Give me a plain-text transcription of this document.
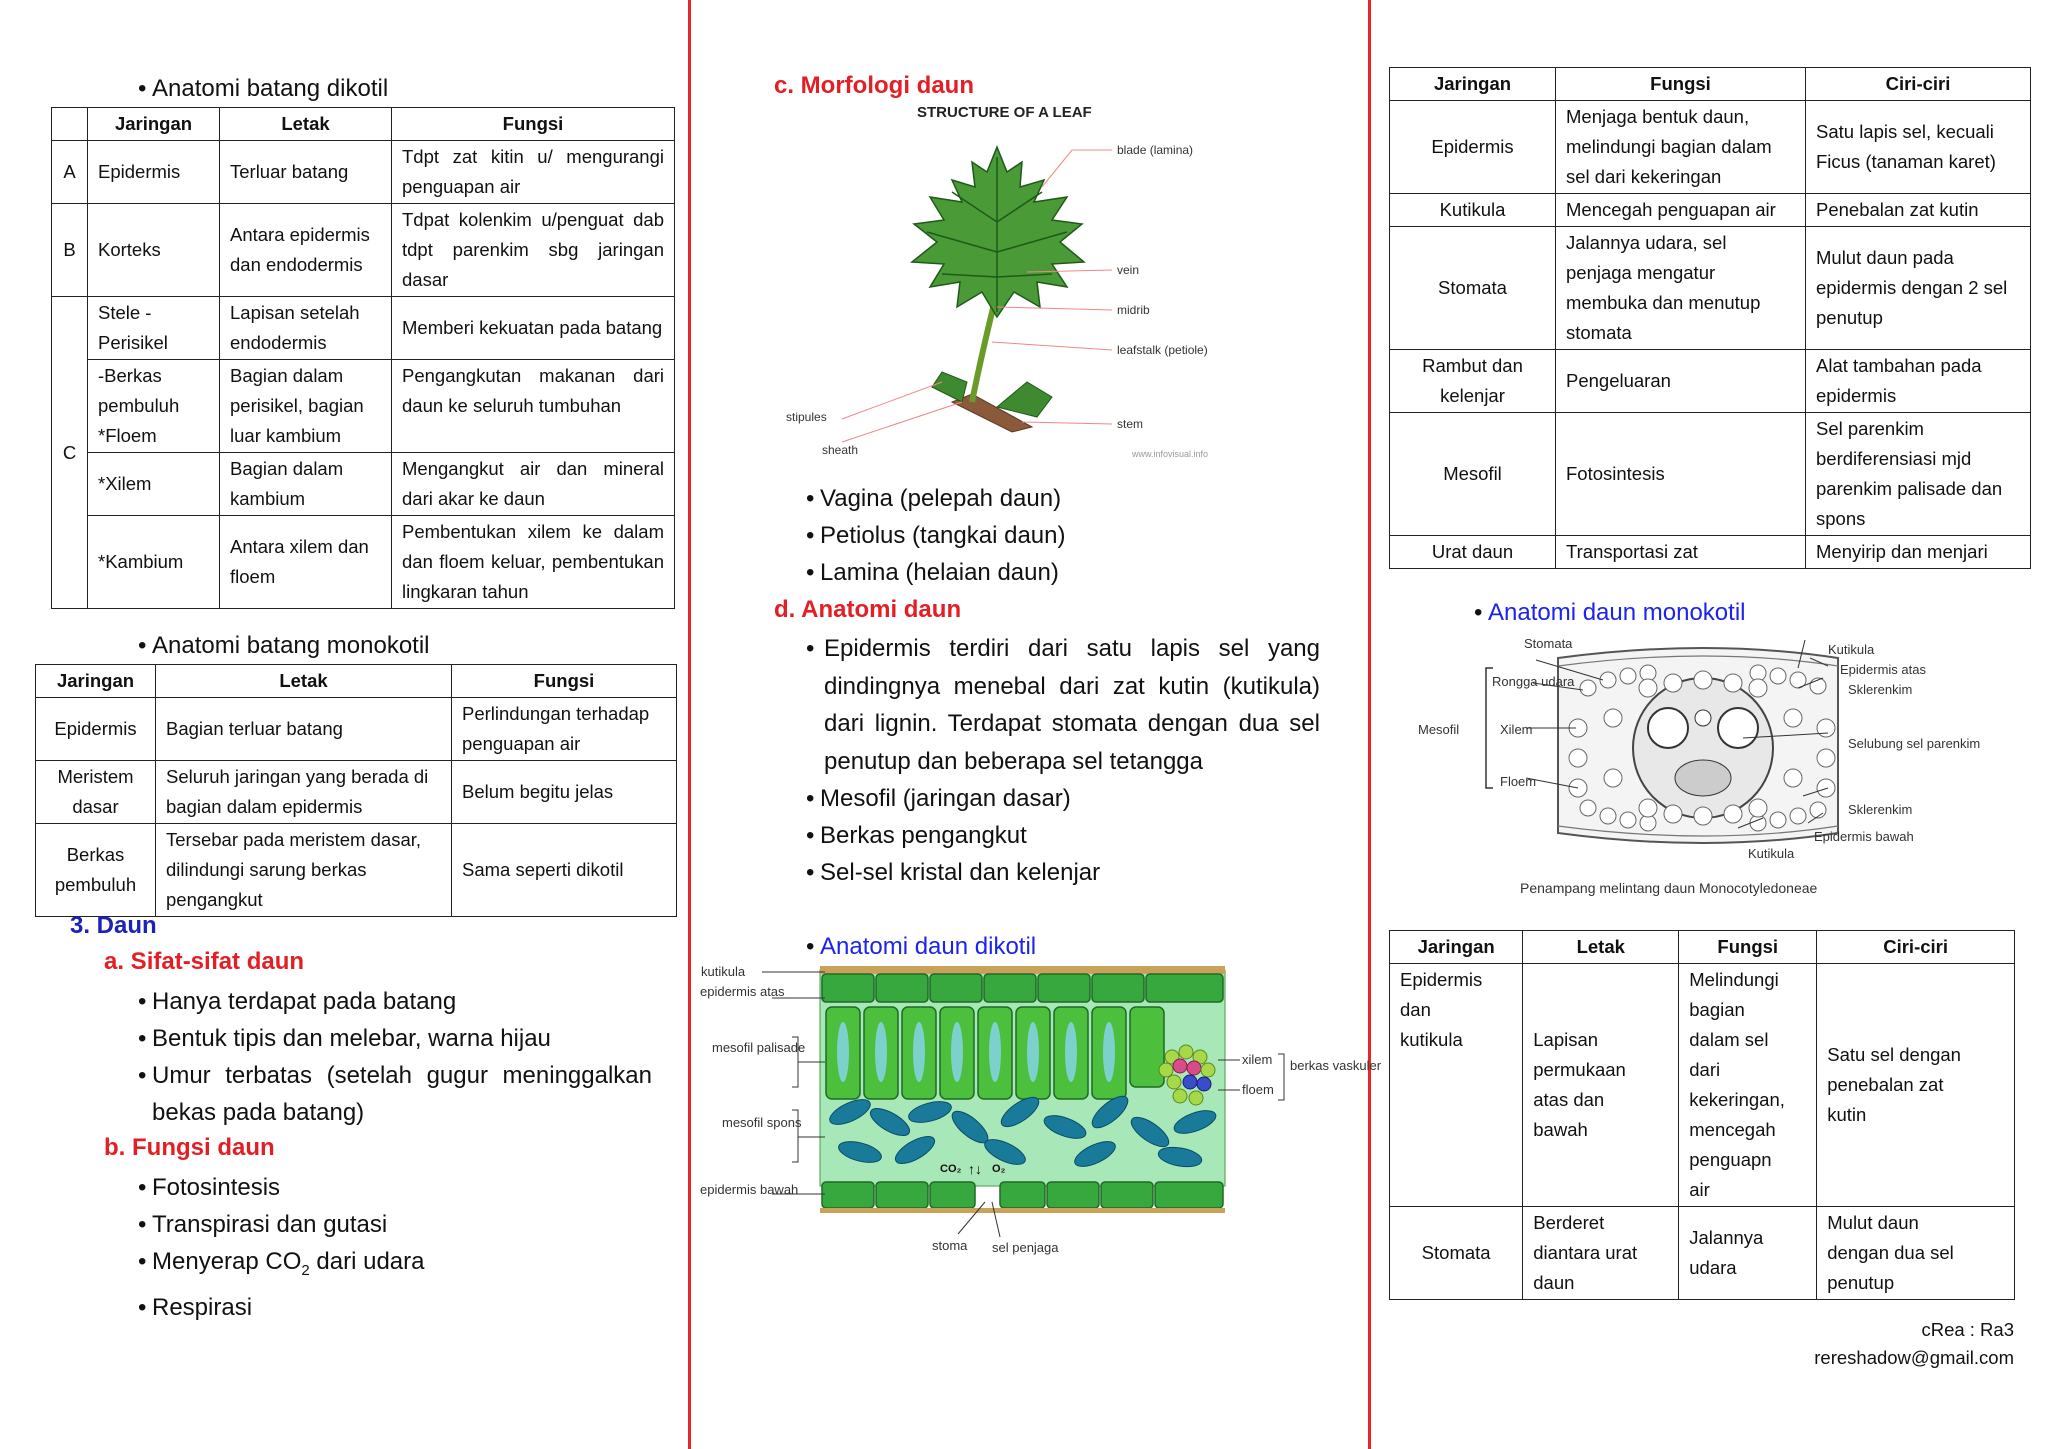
• Anatomi batang dikotil
	Jaringan	Letak	Fungsi
A	Epidermis	Terluar batang	Tdpt zat kitin u/ mengurangi penguapan air
B	Korteks	Antara epidermis dan endodermis	Tdpat kolenkim u/penguat dab tdpt parenkim sbg jaringan dasar
C	Stele -Perisikel	Lapisan setelah endodermis	Memberi kekuatan pada batang
	-Berkas pembuluh *Floem	Bagian dalam perisikel, bagian luar kambium	Pengangkutan makanan dari daun ke seluruh tumbuhan
	*Xilem	Bagian dalam kambium	Mengangkut air dan mineral dari akar ke daun
	*Kambium	Antara xilem dan floem	Pembentukan xilem ke dalam dan floem keluar, pembentukan lingkaran tahun
• Anatomi batang monokotil
Jaringan	Letak	Fungsi
Epidermis	Bagian terluar batang	Perlindungan terhadap penguapan air
Meristem dasar	Seluruh jaringan yang berada di bagian dalam epidermis	Belum begitu jelas
Berkas pembuluh	Tersebar pada meristem dasar, dilindungi sarung berkas pengangkut	Sama seperti dikotil
3. Daun
a. Sifat-sifat daun
• Hanya terdapat pada batang
• Bentuk tipis dan melebar, warna hijau
• Umur terbatas (setelah gugur meninggalkan bekas pada batang)
b. Fungsi daun
• Fotosintesis
• Transpirasi dan gutasi
• Menyerap $CO_2$ dari udara
• Respirasi
c. Morfologi daun
STRUCTURE OF A LEAF
blade (lamina)
vein
midrib
leafstalk (petiole)
stipules	stem
sheath	www.infovisual.info
• Vagina (pelepah daun)
• Petiolus (tangkai daun)
• Lamina (helaian daun)
d. Anatomi daun
• Epidermis terdiri dari satu lapis sel yang dindingnya menebal dari zat kutin (kutikula) dari lignin. Terdapat stomata dengan dua sel penutup dan beberapa sel tetangga
• Mesofil (jaringan dasar)
• Berkas pengangkut
• Sel-sel kristal dan kelenjar
• Anatomi daun dikotil
CO₂ ↑↓ O₂
kutikula
epidermis atas
mesofil palisade
mesofil spons
epidermis bawah
xilem
floem
berkas vaskuler
stoma sel penjaga
Jaringan	Fungsi	Ciri-ciri
Epidermis	Menjaga bentuk daun, melindungi bagian dalam sel dari kekeringan	Satu lapis sel, kecuali Ficus (tanaman karet)
Kutikula	Mencegah penguapan air	Penebalan zat kutin
Stomata	Jalannya udara, sel penjaga mengatur membuka dan menutup stomata	Mulut daun pada epidermis dengan 2 sel penutup
Rambut dan kelenjar	Pengeluaran	Alat tambahan pada epidermis
Mesofil	Fotosintesis	Sel parenkim berdiferensiasi mjd parenkim palisade dan spons
Urat daun	Transportasi zat	Menyirip dan menjari
• Anatomi daun monokotil
Stomata	Kutikula
Epidermis atas
Rongga udara
Sklerenkim
Mesofil	Xilem
Selubung sel parenkim
Floem
Sklerenkim
Epidermis bawah
Kutikula
Penampang melintang daun Monocotyledoneae
Jaringan	Letak	Fungsi	Ciri-ciri
Epidermis dan kutikula	Lapisan permukaan atas dan bawah	Melindungi bagian dalam sel dari kekeringan, mencegah penguapn air	Satu sel dengan penebalan zat kutin
Stomata	Berderet diantara urat daun	Jalannya udara	Mulut daun dengan dua sel penutup
cRea : Ra3
rereshadow@gmail.com
